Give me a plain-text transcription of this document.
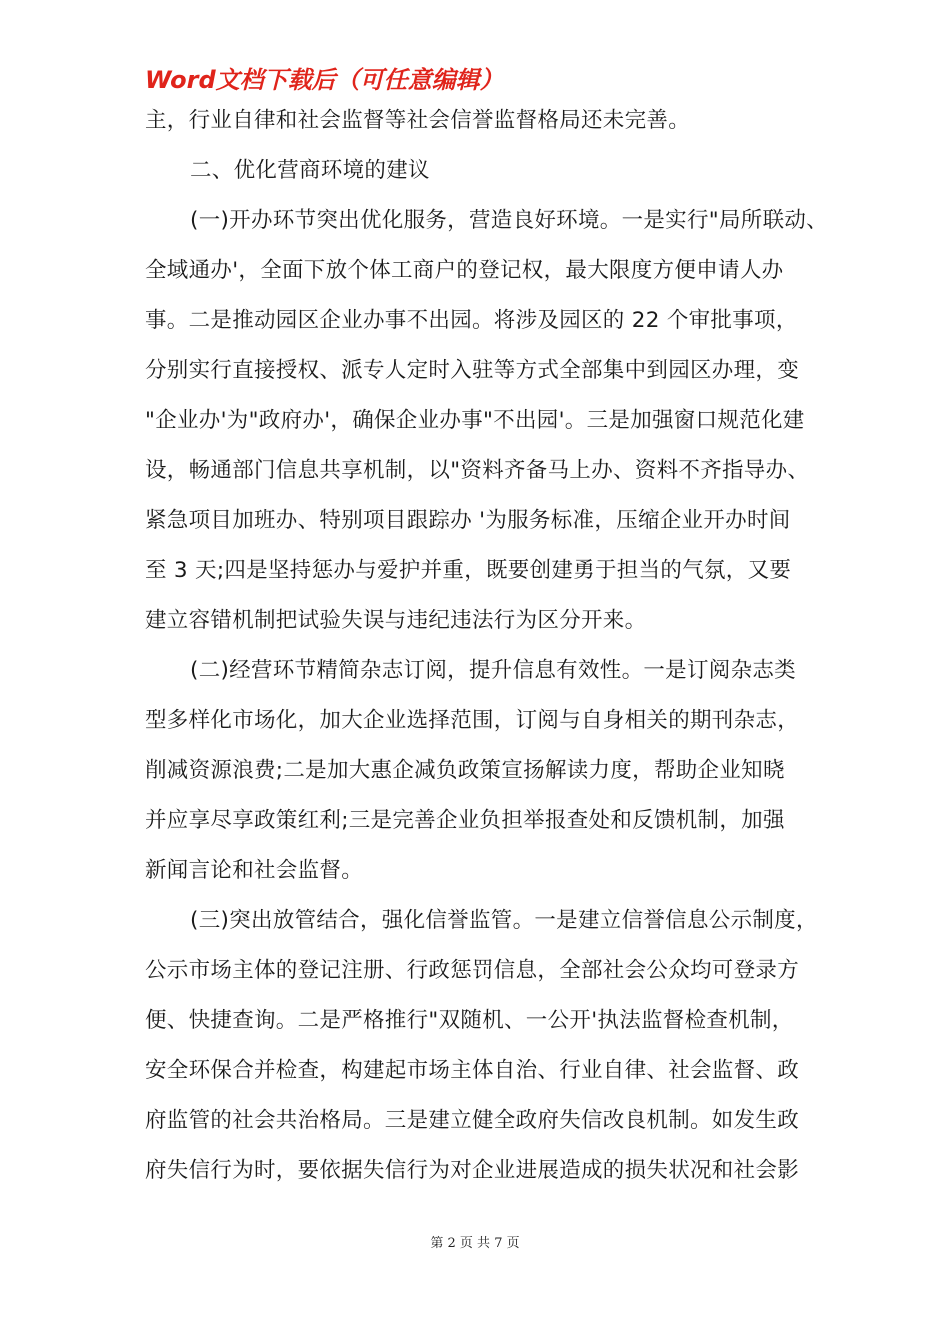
Word文档下载后（可任意编辑）
主，行业自律和社会监督等社会信誉监督格局还未完善。
二、优化营商环境的建议
(一)开办环节突出优化服务，营造良好环境。一是实行"局所联动、
全域通办'，全面下放个体工商户的登记权，最大限度方便申请人办
事。二是推动园区企业办事不出园。将涉及园区的 22 个审批事项，
分别实行直接授权、派专人定时入驻等方式全部集中到园区办理，变
"企业办'为"政府办'，确保企业办事"不出园'。三是加强窗口规范化建
设，畅通部门信息共享机制，以"资料齐备马上办、资料不齐指导办、
紧急项目加班办、特别项目跟踪办 '为服务标准，压缩企业开办时间
至 3 天;四是坚持惩办与爱护并重，既要创建勇于担当的气氛，又要
建立容错机制把试验失误与违纪违法行为区分开来。
(二)经营环节精简杂志订阅，提升信息有效性。一是订阅杂志类
型多样化市场化，加大企业选择范围，订阅与自身相关的期刊杂志，
削减资源浪费;二是加大惠企减负政策宣扬解读力度，帮助企业知晓
并应享尽享政策红利;三是完善企业负担举报查处和反馈机制，加强
新闻言论和社会监督。
(三)突出放管结合，强化信誉监管。一是建立信誉信息公示制度，
公示市场主体的登记注册、行政惩罚信息，全部社会公众均可登录方
便、快捷查询。二是严格推行"双随机、一公开'执法监督检查机制，
安全环保合并检查，构建起市场主体自治、行业自律、社会监督、政
府监管的社会共治格局。三是建立健全政府失信改良机制。如发生政
府失信行为时，要依据失信行为对企业进展造成的损失状况和社会影
第 2 页 共 7 页
